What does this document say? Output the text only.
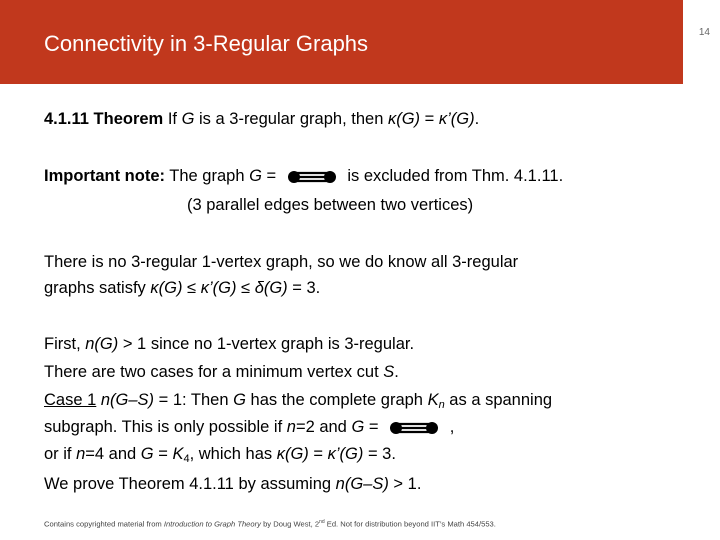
Connectivity in 3-Regular Graphs	14
4.1.11 Theorem If G is a 3-regular graph, then κ(G) = κ’(G).
Important note: The graph G =	is excluded from Thm. 4.1.11.
(3 parallel edges between two vertices)
There is no 3-regular 1-vertex graph, so we do know all 3-regular
graphs satisfy κ(G) ≤ κ’(G) ≤ δ(G) = 3.
First, n(G) > 1 since no 1-vertex graph is 3-regular.
There are two cases for a minimum vertex cut S.
Case 1 n(G–S) = 1: Then G has the complete graph $K_n$ as a spanning
subgraph. This is only possible if n=2 and G =	,
or if n=4 and $G = K_4$, which has κ(G) = κ’(G) = 3.
We prove Theorem 4.1.11 by assuming n(G–S) > 1.
Contains copyrighted material from Introduction to Graph Theory by Doug West, 2nd Ed. Not for distribution beyond IIT’s Math 454/553.
